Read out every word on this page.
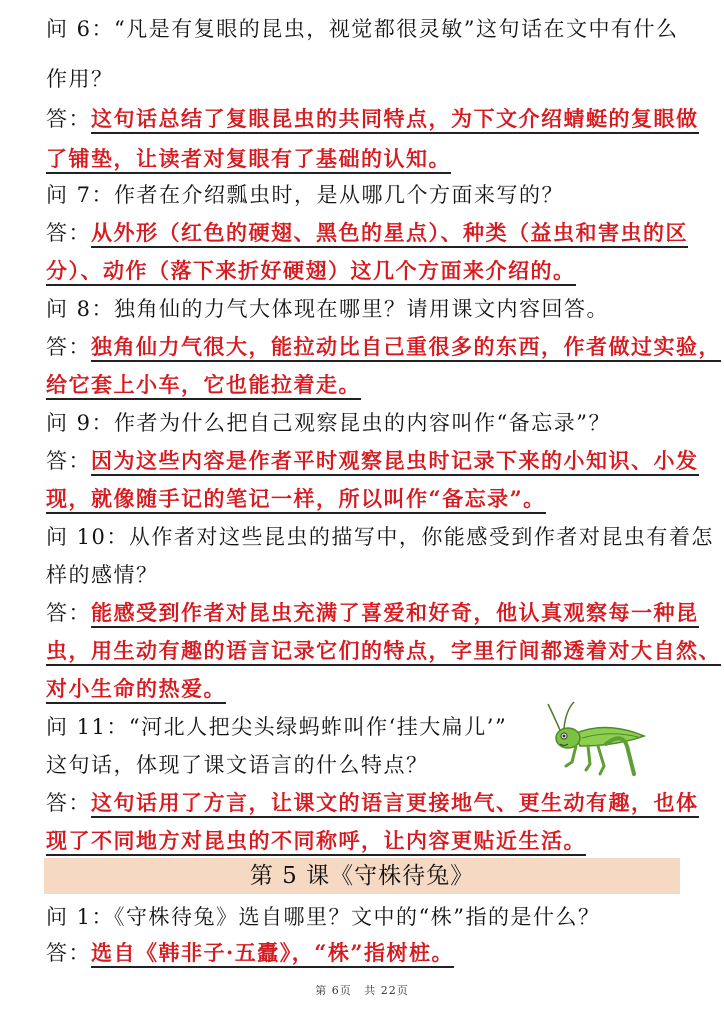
问 6：“凡是有复眼的昆虫，视觉都很灵敏”这句话在文中有什么
作用？
答：这句话总结了复眼昆虫的共同特点，为下文介绍蜻蜓的复眼做
了铺垫，让读者对复眼有了基础的认知。
问 7：作者在介绍瓢虫时，是从哪几个方面来写的？
答：从外形（红色的硬翅、黑色的星点）、种类（益虫和害虫的区
分）、动作（落下来折好硬翅）这几个方面来介绍的。
问 8：独角仙的力气大体现在哪里？请用课文内容回答。
答：独角仙力气很大，能拉动比自己重很多的东西，作者做过实验，
给它套上小车，它也能拉着走。
问 9：作者为什么把自己观察昆虫的内容叫作“备忘录”？
答：因为这些内容是作者平时观察昆虫时记录下来的小知识、小发
现，就像随手记的笔记一样，所以叫作“备忘录”。
问 10：从作者对这些昆虫的描写中，你能感受到作者对昆虫有着怎
样的感情？
答：能感受到作者对昆虫充满了喜爱和好奇，他认真观察每一种昆
虫，用生动有趣的语言记录它们的特点，字里行间都透着对大自然、
对小生命的热爱。
问 11：“河北人把尖头绿蚂蚱叫作‘挂大扁儿’”
这句话，体现了课文语言的什么特点？
答：这句话用了方言，让课文的语言更接地气、更生动有趣，也体
现了不同地方对昆虫的不同称呼，让内容更贴近生活。
第 5 课《守株待兔》
问 1：《守株待兔》选自哪里？文中的“株”指的是什么？
答：选自《韩非子·五蠹》，“株”指树桩。
第 6页 共 22页
